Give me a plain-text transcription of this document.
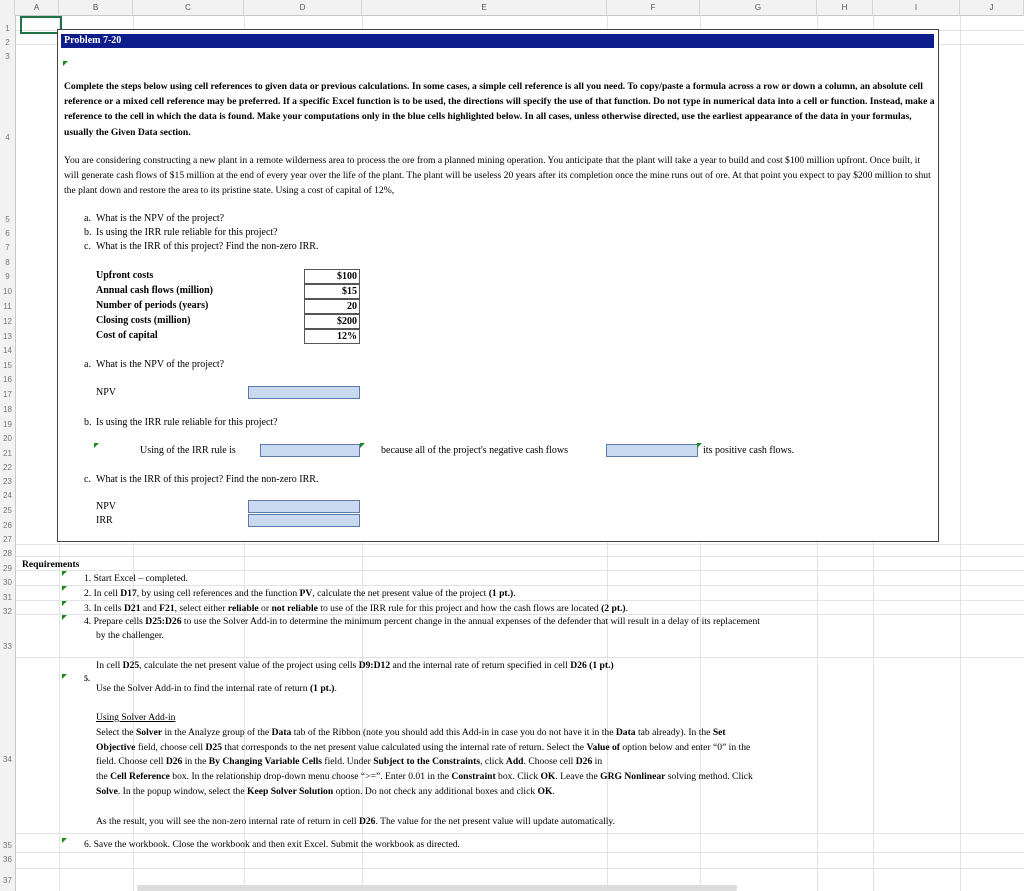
A	B	C	D	E	F	G	H	I	J
1
2
3
4
5
6
7
8
9
10
11
12
13
14
15
16
17
18
19
20
21
22
23
24
25
26
27
28
29
30
31
32
33
34
35
36
37
Problem 7-20
Complete the steps below using cell references to given data or previous calculations. In some cases, a simple cell reference is all you need. To copy/paste a formula across a row or down a column, an absolute cell reference or a mixed cell reference may be preferred. If a specific Excel function is to be used, the directions will specify the use of that function. Do not type in numerical data into a cell or function. Instead, make a reference to the cell in which the data is found. Make your computations only in the blue cells highlighted below. In all cases, unless otherwise directed, use the earliest appearance of the data in your formulas, usually the Given Data section.
You are considering constructing a new plant in a remote wilderness area to process the ore from a planned mining operation. You anticipate that the plant will take a year to build and cost $100 million upfront. Once built, it will generate cash flows of $15 million at the end of every year over the life of the plant. The plant will be useless 20 years after its completion once the mine runs out of ore. At that point you expect to pay $200 million to shut the plant down and restore the area to its pristine state. Using a cost of capital of 12%,
a. What is the NPV of the project?
b. Is using the IRR rule reliable for this project?
c. What is the IRR of this project? Find the non-zero IRR.
Upfront costs	$100
Annual cash flows (million)	$15
Number of periods (years)	20
Closing costs (million)	$200
Cost of capital	12%
a. What is the NPV of the project?
NPV
b. Is using the IRR rule reliable for this project?
Using of the IRR rule is	because all of the project's negative cash flows	its positive cash flows.
c. What is the IRR of this project? Find the non-zero IRR.
NPV
IRR
Requirements
1. Start Excel – completed.
2. In cell D17, by using cell references and the function PV, calculate the net present value of the project (1 pt.).
3. In cells D21 and F21, select either reliable or not reliable to use of the IRR rule for this project and how the cash flows are located (2 pt.).
4. Prepare cells D25:D26 to use the Solver Add-in to determine the minimum percent change in the annual expenses of the defender that will result in a delay of its replacement
by the challenger.
In cell D25, calculate the net present value of the project using cells D9:D12 and the internal rate of return specified in cell D26 (1 pt.)
5.
Use the Solver Add-in to find the internal rate of return (1 pt.).
Using Solver Add-in
Select the Solver in the Analyze group of the Data tab of the Ribbon (note you should add this Add-in in case you do not have it in the Data tab already). In the Set
Objective field, choose cell D25 that corresponds to the net present value calculated using the internal rate of return. Select the Value of option below and enter “0” in the
field. Choose cell D26 in the By Changing Variable Cells field. Under Subject to the Constraints, click Add. Choose cell D26 in
the Cell Reference box. In the relationship drop-down menu choose “>=”. Enter 0.01 in the Constraint box. Click OK. Leave the GRG Nonlinear solving method. Click
Solve. In the popup window, select the Keep Solver Solution option. Do not check any additional boxes and click OK.
As the result, you will see the non-zero internal rate of return in cell D26. The value for the net present value will update automatically.
6. Save the workbook. Close the workbook and then exit Excel. Submit the workbook as directed.
